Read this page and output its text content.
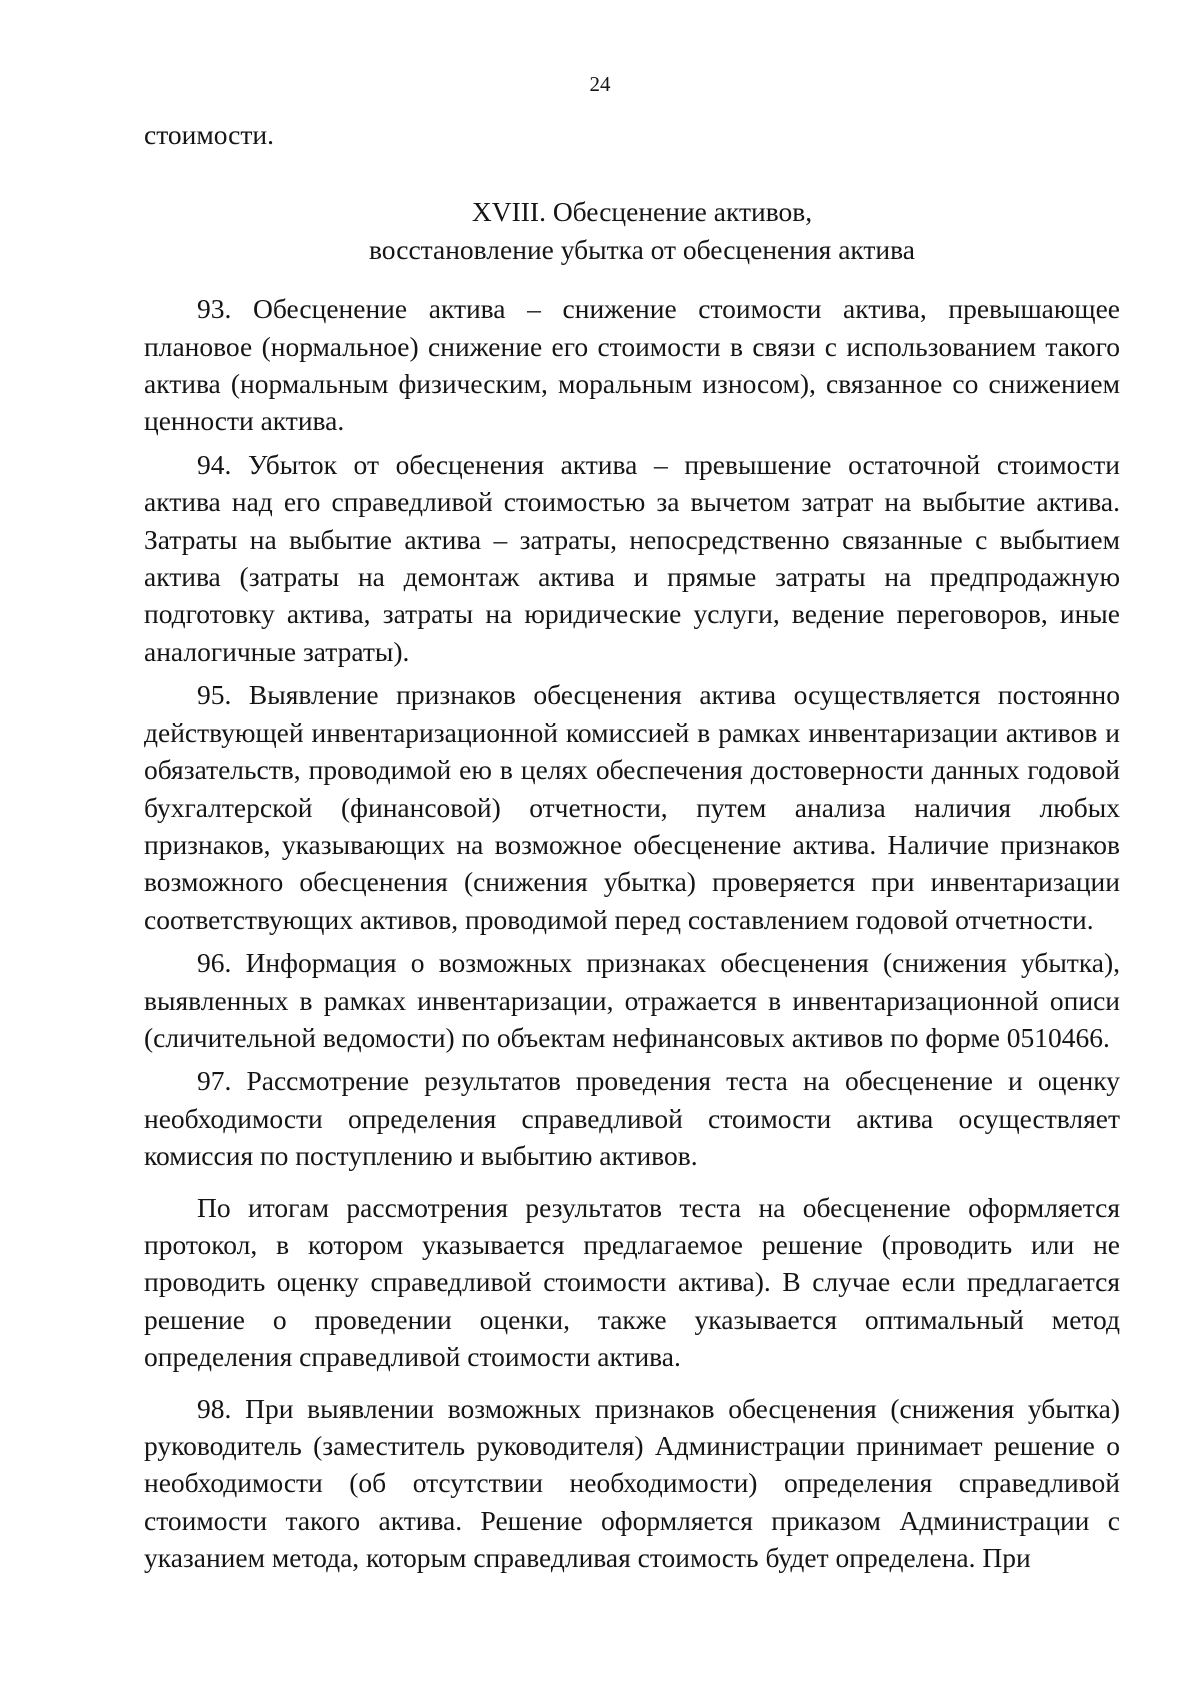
24

стоимости.

XVIII. Обесценение активов,
восстановление убытка от обесценения актива

93. Обесценение актива – снижение стоимости актива, превышающее плановое (нормальное) снижение его стоимости в связи с использованием такого актива (нормальным физическим, моральным износом), связанное со снижением ценности актива.

94. Убыток от обесценения актива – превышение остаточной стоимости актива над его справедливой стоимостью за вычетом затрат на выбытие актива. Затраты на выбытие актива – затраты, непосредственно связанные с выбытием актива (затраты на демонтаж актива и прямые затраты на предпродажную подготовку актива, затраты на юридические услуги, ведение переговоров, иные аналогичные затраты).

95. Выявление признаков обесценения актива осуществляется постоянно действующей инвентаризационной комиссией в рамках инвентаризации активов и обязательств, проводимой ею в целях обеспечения достоверности данных годовой бухгалтерской (финансовой) отчетности, путем анализа наличия любых признаков, указывающих на возможное обесценение актива. Наличие признаков возможного обесценения (снижения убытка) проверяется при инвентаризации соответствующих активов, проводимой перед составлением годовой отчетности.

96. Информация о возможных признаках обесценения (снижения убытка), выявленных в рамках инвентаризации, отражается в инвентаризационной описи (сличительной ведомости) по объектам нефинансовых активов по форме 0510466.

97. Рассмотрение результатов проведения теста на обесценение и оценку необходимости определения справедливой стоимости актива осуществляет комиссия по поступлению и выбытию активов.

По итогам рассмотрения результатов теста на обесценение оформляется протокол, в котором указывается предлагаемое решение (проводить или не проводить оценку справедливой стоимости актива). В случае если предлагается решение о проведении оценки, также указывается оптимальный метод определения справедливой стоимости актива.

98. При выявлении возможных признаков обесценения (снижения убытка) руководитель (заместитель руководителя) Администрации принимает решение о необходимости (об отсутствии необходимости) определения справедливой стоимости такого актива. Решение оформляется приказом Администрации с указанием метода, которым справедливая стоимость будет определена. При
